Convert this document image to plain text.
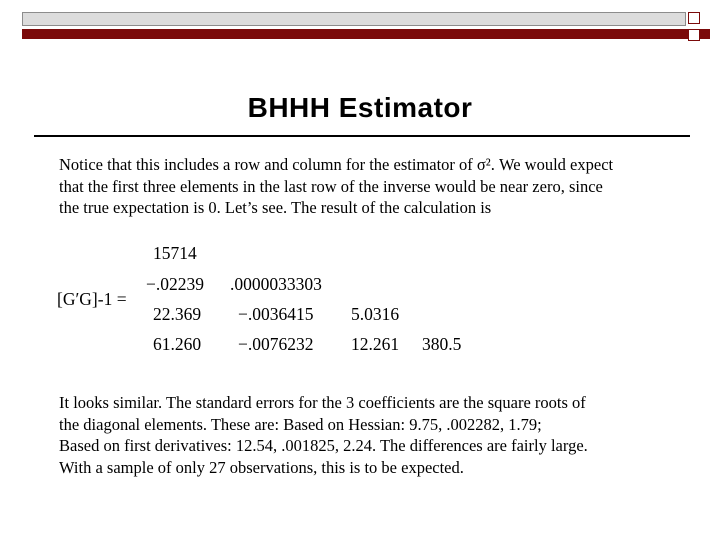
BHHH Estimator
Notice that this includes a row and column for the estimator of σ². We would expect
that the first three elements in the last row of the inverse would be near zero, since
the true expectation is 0. Let’s see. The result of the calculation is
[G′G]-1 =
15714
−.02239 .0000033303
22.369 −.0036415 5.0316
61.260 −.0076232 12.261 380.5
It looks similar. The standard errors for the 3 coefficients are the square roots of
the diagonal elements. These are: Based on Hessian: 9.75, .002282, 1.79;
Based on first derivatives: 12.54, .001825, 2.24. The differences are fairly large.
With a sample of only 27 observations, this is to be expected.
